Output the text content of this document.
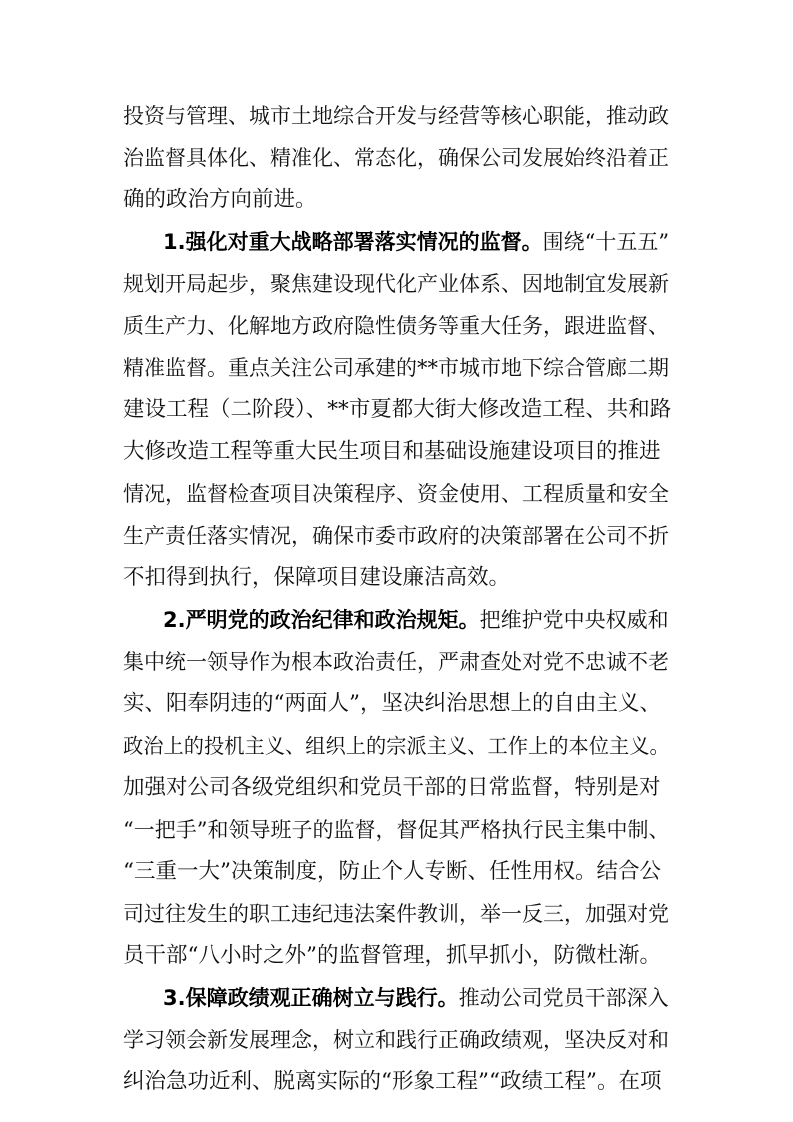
投资与管理、城市土地综合开发与经营等核心职能，推动政
治监督具体化、精准化、常态化，确保公司发展始终沿着正
确的政治方向前进。
1.强化对重大战略部署落实情况的监督。围绕“十五五”
规划开局起步，聚焦建设现代化产业体系、因地制宜发展新
质生产力、化解地方政府隐性债务等重大任务，跟进监督、
精准监督。重点关注公司承建的**市城市地下综合管廊二期
建设工程（二阶段）、**市夏都大街大修改造工程、共和路
大修改造工程等重大民生项目和基础设施建设项目的推进
情况，监督检查项目决策程序、资金使用、工程质量和安全
生产责任落实情况，确保市委市政府的决策部署在公司不折
不扣得到执行，保障项目建设廉洁高效。
2.严明党的政治纪律和政治规矩。把维护党中央权威和
集中统一领导作为根本政治责任，严肃查处对党不忠诚不老
实、阳奉阴违的“两面人”，坚决纠治思想上的自由主义、
政治上的投机主义、组织上的宗派主义、工作上的本位主义。
加强对公司各级党组织和党员干部的日常监督，特别是对
“一把手”和领导班子的监督，督促其严格执行民主集中制、
“三重一大”决策制度，防止个人专断、任性用权。结合公
司过往发生的职工违纪违法案件教训，举一反三，加强对党
员干部“八小时之外”的监督管理，抓早抓小，防微杜渐。
3.保障政绩观正确树立与践行。推动公司党员干部深入
学习领会新发展理念，树立和践行正确政绩观，坚决反对和
纠治急功近利、脱离实际的“形象工程”“政绩工程”。在项
